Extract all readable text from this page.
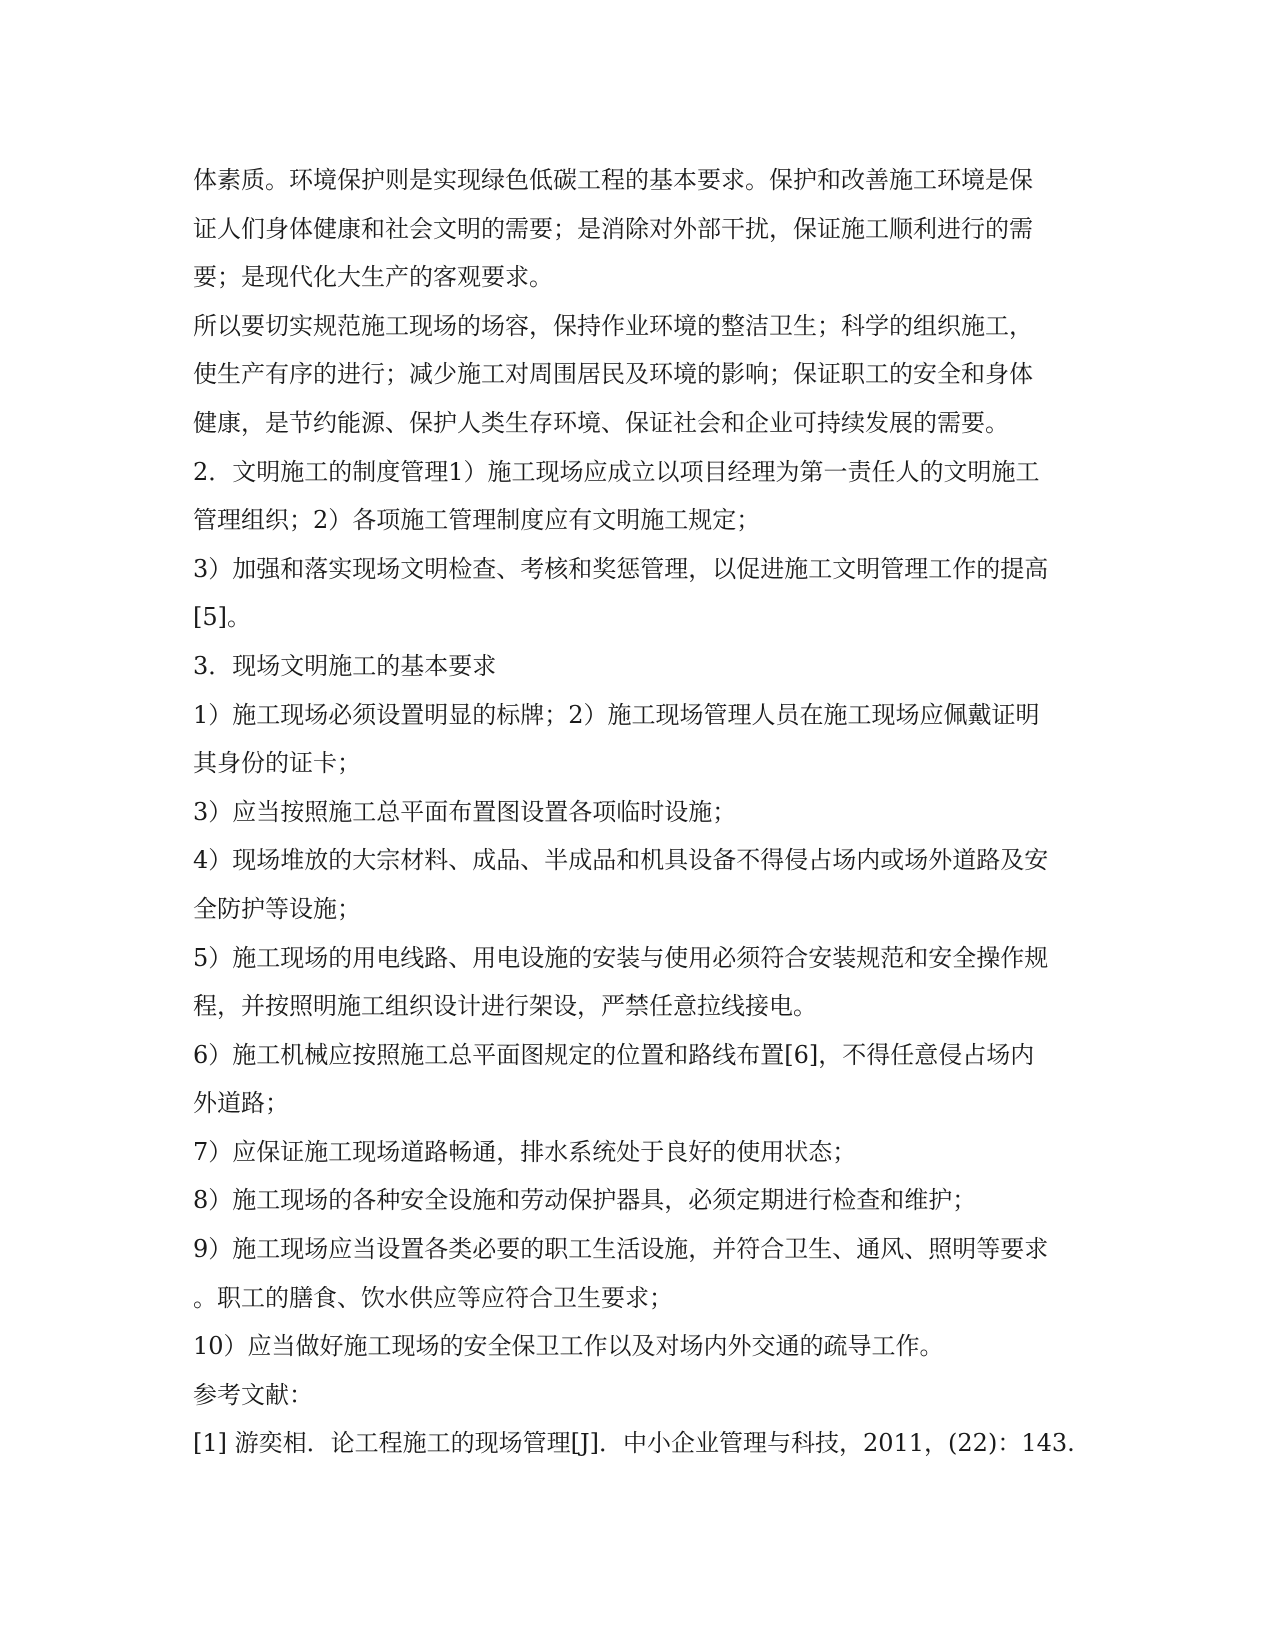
体素质。环境保护则是实现绿色低碳工程的基本要求。保护和改善施工环境是保
证人们身体健康和社会文明的需要；是消除对外部干扰，保证施工顺利进行的需
要；是现代化大生产的客观要求。
所以要切实规范施工现场的场容，保持作业环境的整洁卫生；科学的组织施工，
使生产有序的进行；减少施工对周围居民及环境的影响；保证职工的安全和身体
健康，是节约能源、保护人类生存环境、保证社会和企业可持续发展的需要。
2．文明施工的制度管理1）施工现场应成立以项目经理为第一责任人的文明施工
管理组织；2）各项施工管理制度应有文明施工规定；
3）加强和落实现场文明检查、考核和奖惩管理，以促进施工文明管理工作的提高
[5]。
3．现场文明施工的基本要求
1）施工现场必须设置明显的标牌；2）施工现场管理人员在施工现场应佩戴证明
其身份的证卡；
3）应当按照施工总平面布置图设置各项临时设施；
4）现场堆放的大宗材料、成品、半成品和机具设备不得侵占场内或场外道路及安
全防护等设施；
5）施工现场的用电线路、用电设施的安装与使用必须符合安装规范和安全操作规
程，并按照明施工组织设计进行架设，严禁任意拉线接电。
6）施工机械应按照施工总平面图规定的位置和路线布置[6]，不得任意侵占场内
外道路；
7）应保证施工现场道路畅通，排水系统处于良好的使用状态；
8）施工现场的各种安全设施和劳动保护器具，必须定期进行检查和维护；
9）施工现场应当设置各类必要的职工生活设施，并符合卫生、通风、照明等要求
。职工的膳食、饮水供应等应符合卫生要求；
10）应当做好施工现场的安全保卫工作以及对场内外交通的疏导工作。
参考文献：
[1] 游奕相．论工程施工的现场管理[J]．中小企业管理与科技，2011，(22)：143.
